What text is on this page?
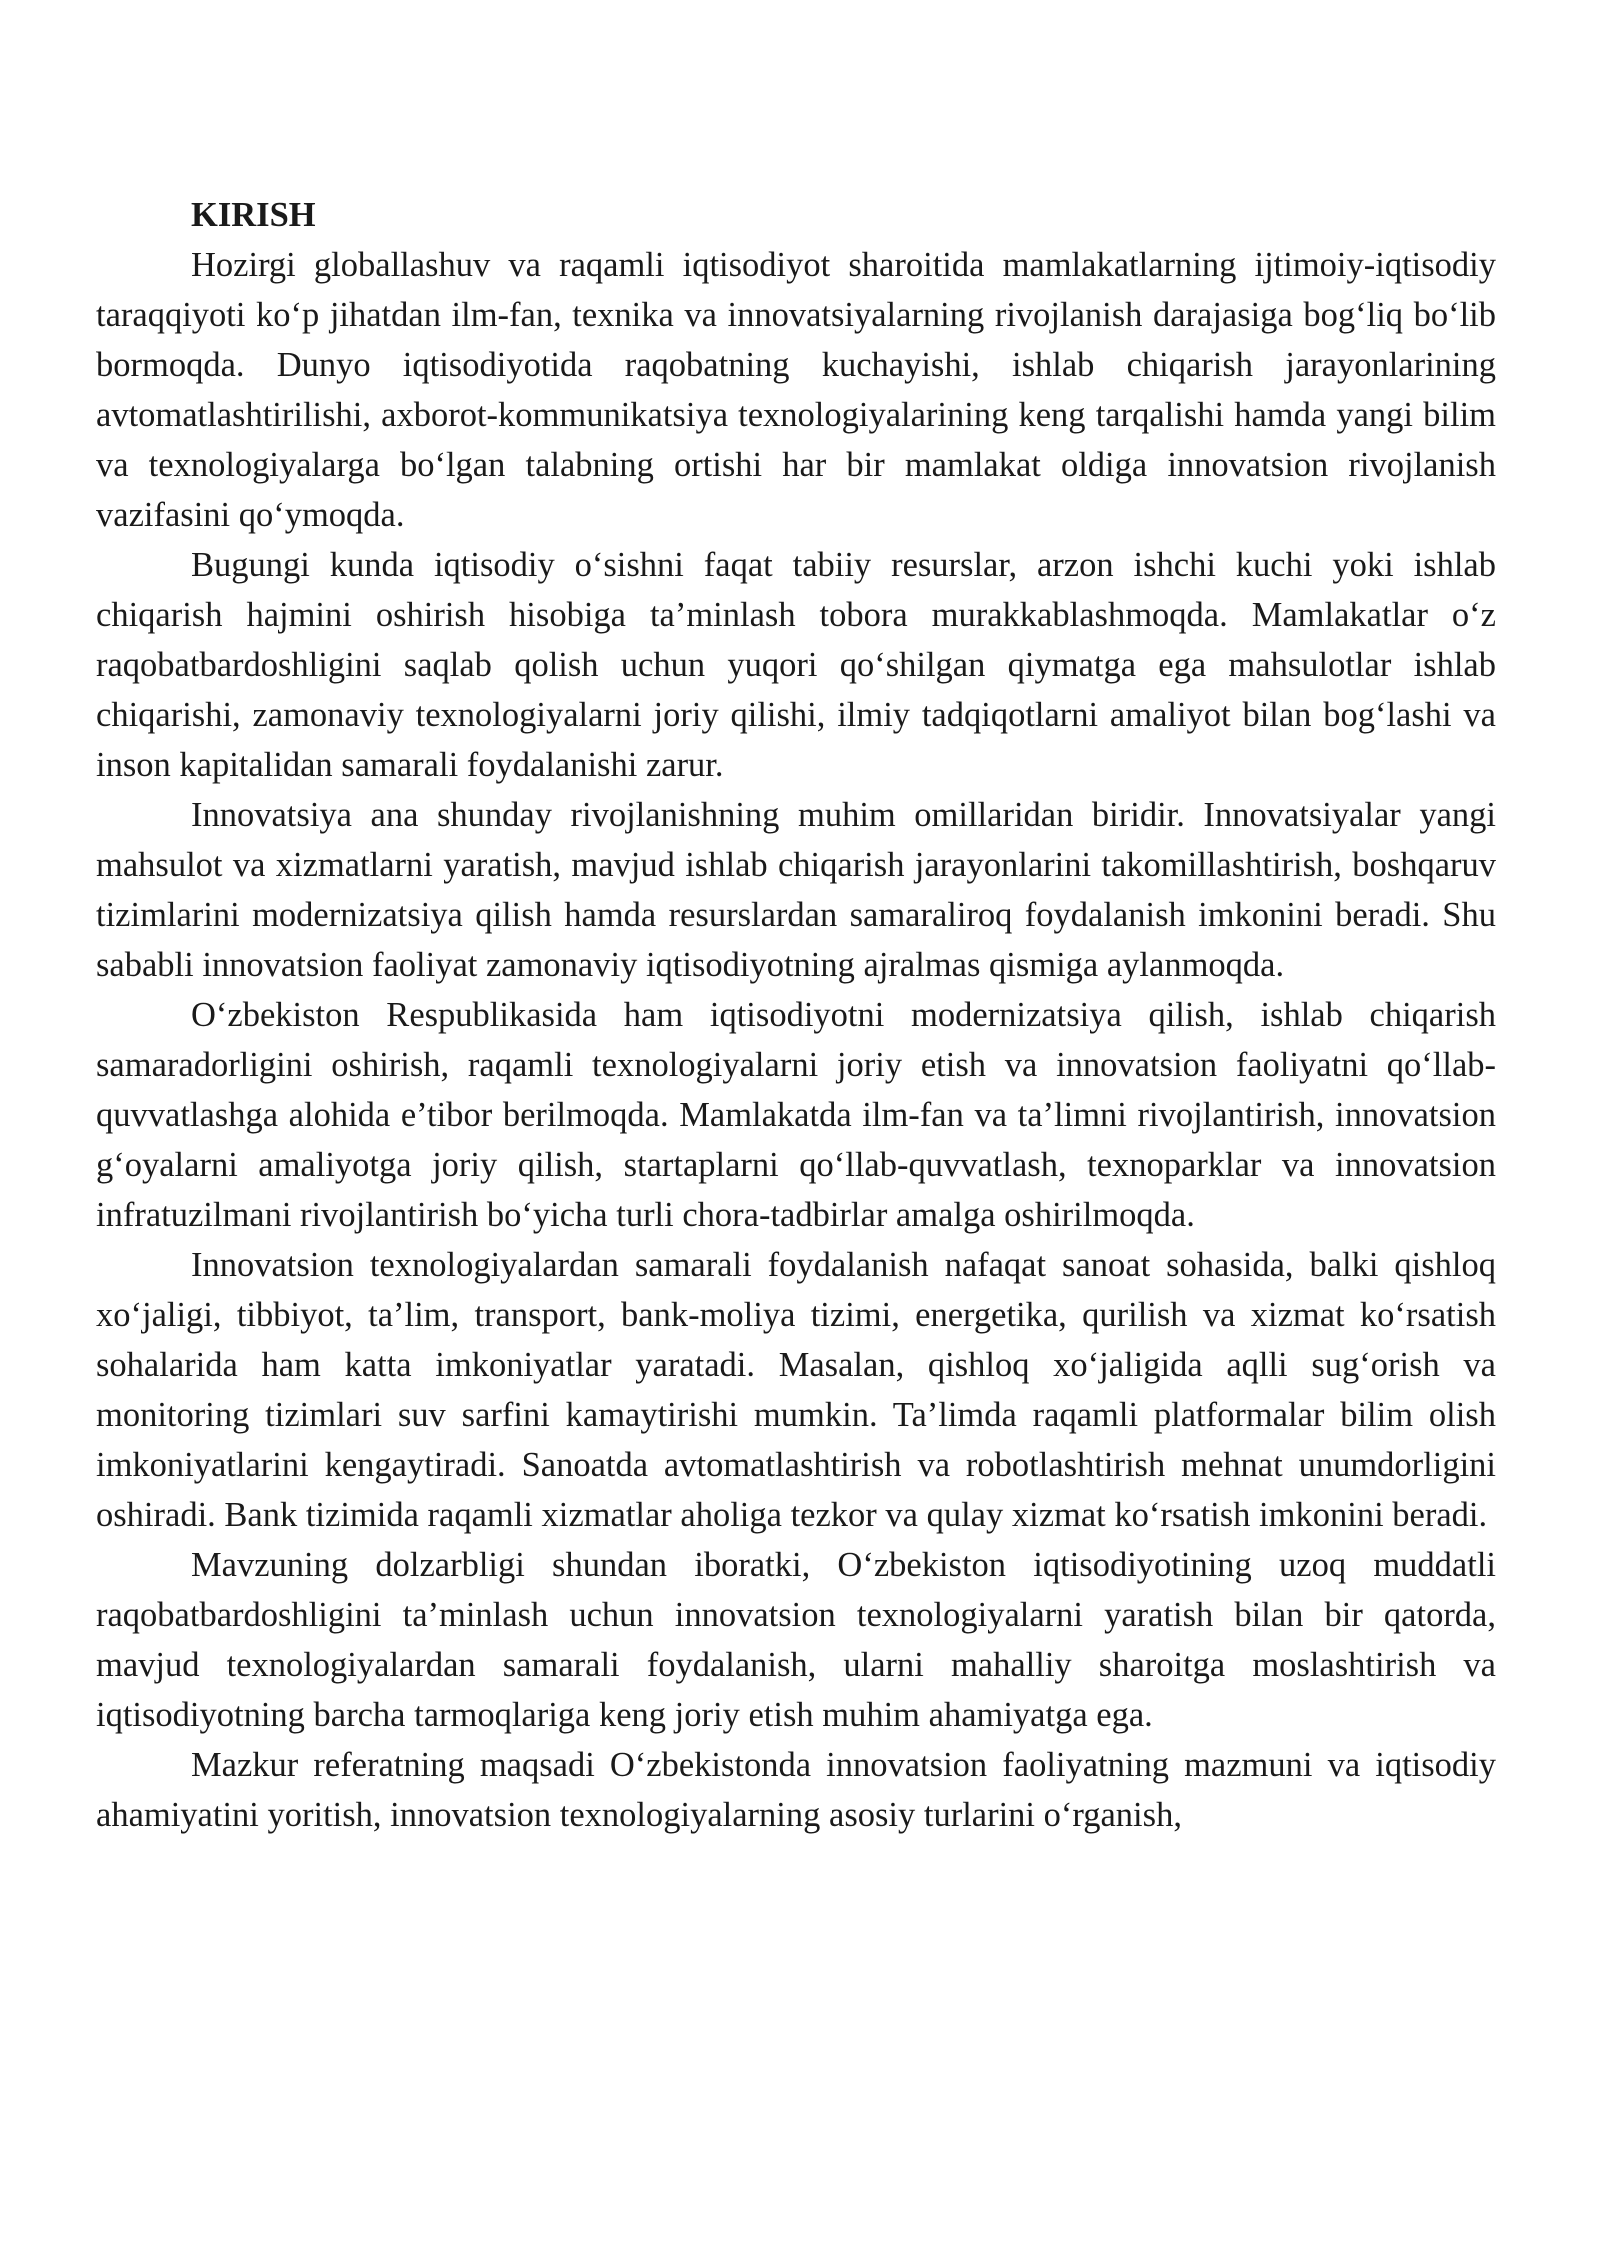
KIRISH

Hozirgi globallashuv va raqamli iqtisodiyot sharoitida mamlakatlarning ijtimoiy-iqtisodiy taraqqiyoti ko‘p jihatdan ilm-fan, texnika va innovatsiyalarning rivojlanish darajasiga bog‘liq bo‘lib bormoqda. Dunyo iqtisodiyotida raqobatning kuchayishi, ishlab chiqarish jarayonlarining avtomatlashtirilishi, axborot-kommunikatsiya texnologiyalarining keng tarqalishi hamda yangi bilim va texnologiyalarga bo‘lgan talabning ortishi har bir mamlakat oldiga innovatsion rivojlanish vazifasini qo‘ymoqda.

Bugungi kunda iqtisodiy o‘sishni faqat tabiiy resurslar, arzon ishchi kuchi yoki ishlab chiqarish hajmini oshirish hisobiga ta’minlash tobora murakkablashmoqda. Mamlakatlar o‘z raqobatbardoshligini saqlab qolish uchun yuqori qo‘shilgan qiymatga ega mahsulotlar ishlab chiqarishi, zamonaviy texnologiyalarni joriy qilishi, ilmiy tadqiqotlarni amaliyot bilan bog‘lashi va inson kapitalidan samarali foydalanishi zarur.

Innovatsiya ana shunday rivojlanishning muhim omillaridan biridir. Innovatsiyalar yangi mahsulot va xizmatlarni yaratish, mavjud ishlab chiqarish jarayonlarini takomillashtirish, boshqaruv tizimlarini modernizatsiya qilish hamda resurslardan samaraliroq foydalanish imkonini beradi. Shu sababli innovatsion faoliyat zamonaviy iqtisodiyotning ajralmas qismiga aylanmoqda.

O‘zbekiston Respublikasida ham iqtisodiyotni modernizatsiya qilish, ishlab chiqarish samaradorligini oshirish, raqamli texnologiyalarni joriy etish va innovatsion faoliyatni qo‘llab-quvvatlashga alohida e’tibor berilmoqda. Mamlakatda ilm-fan va ta’limni rivojlantirish, innovatsion g‘oyalarni amaliyotga joriy qilish, startaplarni qo‘llab-quvvatlash, texnoparklar va innovatsion infratuzilmani rivojlantirish bo‘yicha turli chora-tadbirlar amalga oshirilmoqda.

Innovatsion texnologiyalardan samarali foydalanish nafaqat sanoat sohasida, balki qishloq xo‘jaligi, tibbiyot, ta’lim, transport, bank-moliya tizimi, energetika, qurilish va xizmat ko‘rsatish sohalarida ham katta imkoniyatlar yaratadi. Masalan, qishloq xo‘jaligida aqlli sug‘orish va monitoring tizimlari suv sarfini kamaytirishi mumkin. Ta’limda raqamli platformalar bilim olish imkoniyatlarini kengaytiradi. Sanoatda avtomatlashtirish va robotlashtirish mehnat unumdorligini oshiradi. Bank tizimida raqamli xizmatlar aholiga tezkor va qulay xizmat ko‘rsatish imkonini beradi.

Mavzuning dolzarbligi shundan iboratki, O‘zbekiston iqtisodiyotining uzoq muddatli raqobatbardoshligini ta’minlash uchun innovatsion texnologiyalarni yaratish bilan bir qatorda, mavjud texnologiyalardan samarali foydalanish, ularni mahalliy sharoitga moslashtirish va iqtisodiyotning barcha tarmoqlariga keng joriy etish muhim ahamiyatga ega.

Mazkur referatning maqsadi O‘zbekistonda innovatsion faoliyatning mazmuni va iqtisodiy ahamiyatini yoritish, innovatsion texnologiyalarning asosiy turlarini o‘rganish,
